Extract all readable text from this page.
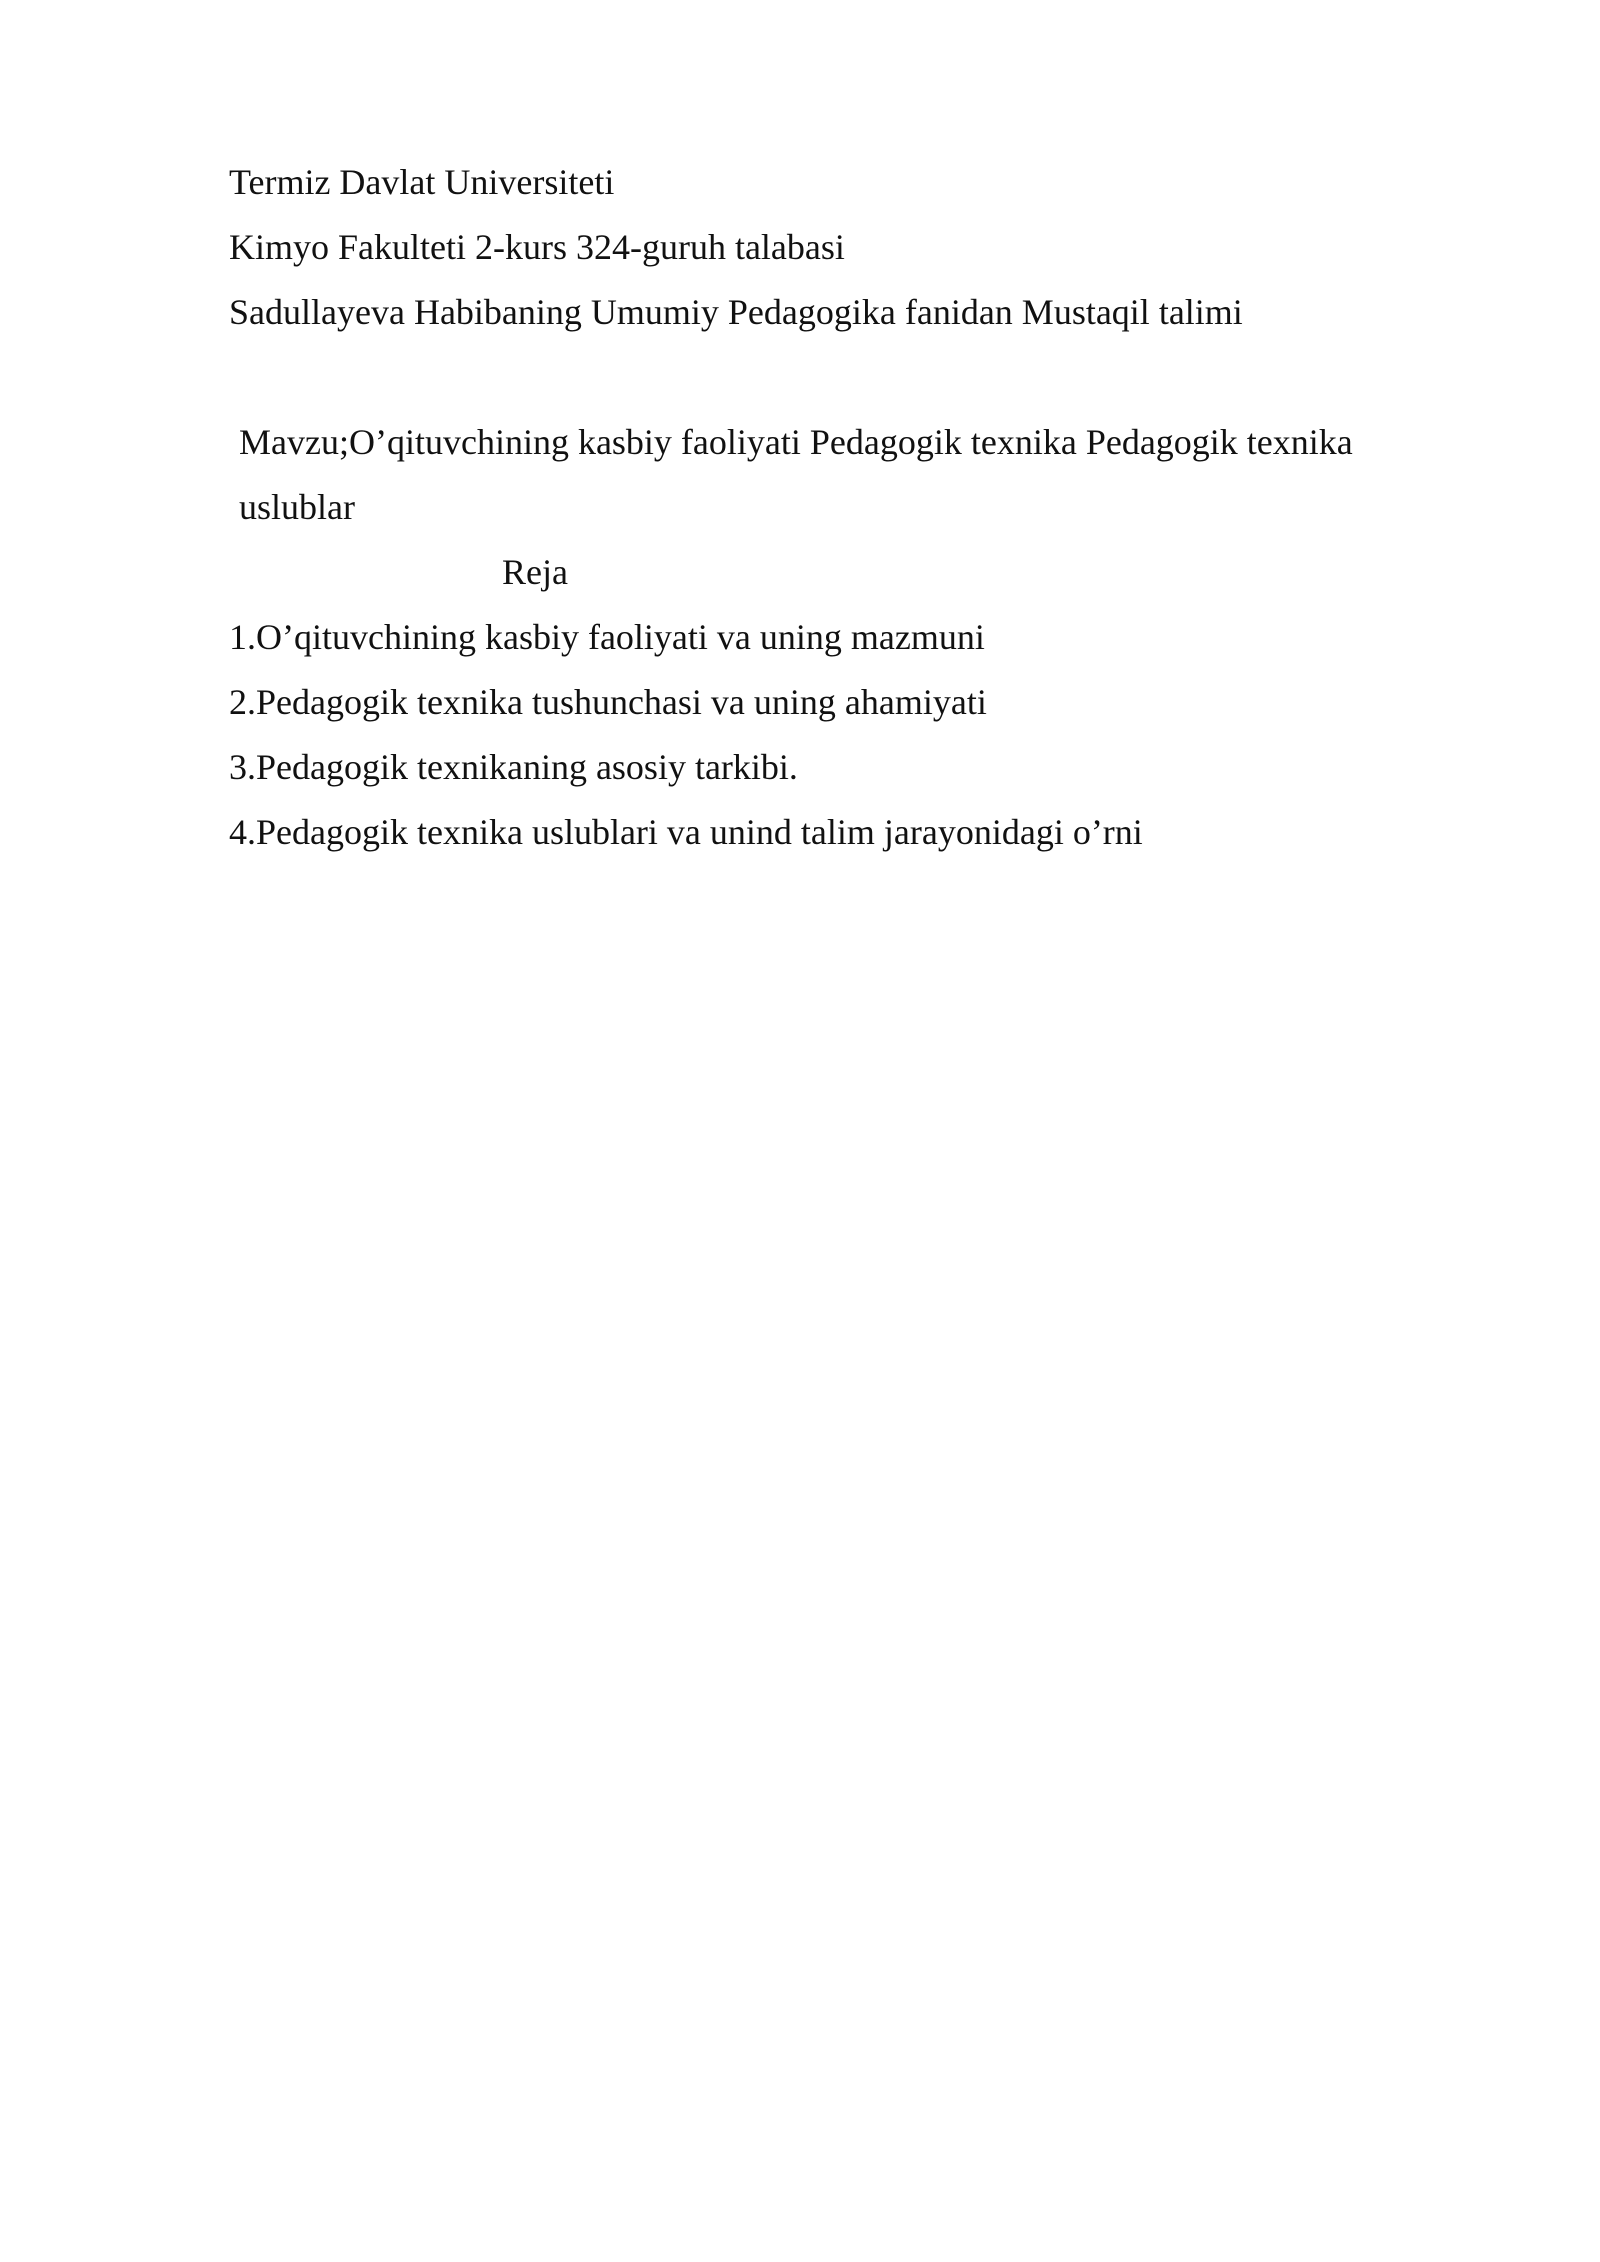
Termiz Davlat Universiteti

Kimyo Fakulteti 2-kurs 324-guruh talabasi

Sadullayeva Habibaning Umumiy Pedagogika fanidan Mustaqil talimi

Mavzu;O’qituvchining kasbiy faoliyati Pedagogik texnika Pedagogik texnika uslublar

Reja

1.O’qituvchining kasbiy faoliyati va uning mazmuni
2.Pedagogik texnika tushunchasi va uning ahamiyati
3.Pedagogik texnikaning asosiy tarkibi.
4.Pedagogik texnika uslublari va unind talim jarayonidagi o’rni
